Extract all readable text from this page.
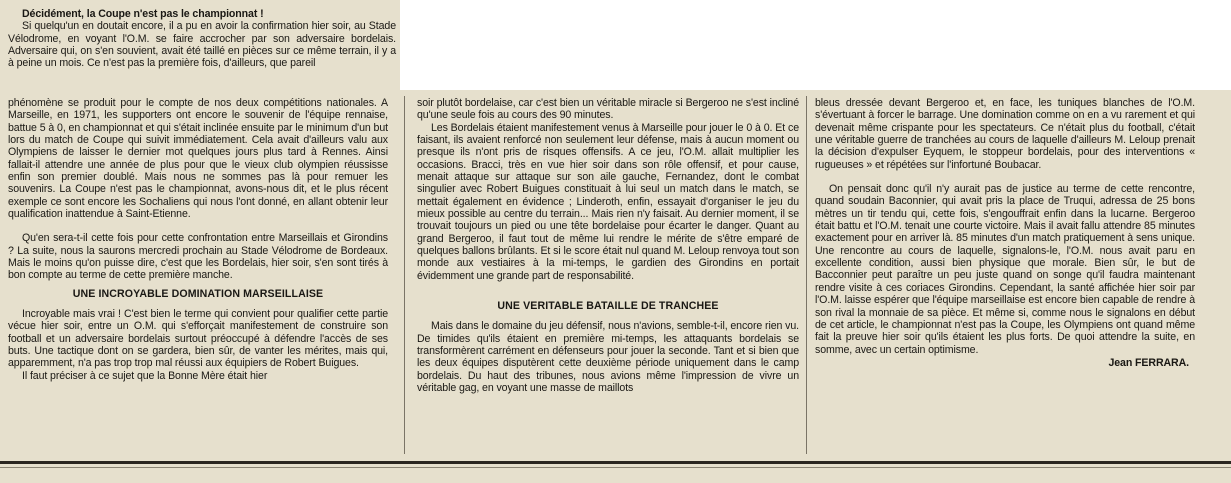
Décidément, la Coupe n'est pas le championnat !

Si quelqu'un en doutait encore, il a pu en avoir la confirmation hier soir, au Stade Vélodrome, en voyant l'O.M. se faire accrocher par son adversaire bordelais. Adversaire qui, on s'en souvient, avait été taillé en pièces sur ce même terrain, il y a à peine un mois. Ce n'est pas la première fois, d'ailleurs, que pareil

phénomène se produit pour le compte de nos deux compétitions nationales. A Marseille, en 1971, les supporters ont encore le souvenir de l'équipe rennaise, battue 5 à 0, en championnat et qui s'était inclinée ensuite par le minimum d'un but lors du match de Coupe qui suivit immédiatement. Cela avait d'ailleurs valu aux Olympiens de laisser le dernier mot quelques jours plus tard à Rennes. Ainsi fallait-il attendre une année de plus pour que le vieux club olympien réussisse enfin son premier doublé. Mais nous ne sommes pas là pour remuer les souvenirs. La Coupe n'est pas le championnat, avons-nous dit, et le plus récent exemple ce sont encore les Sochaliens qui nous l'ont donné, en allant obtenir leur qualification inattendue à Saint-Etienne.

Qu'en sera-t-il cette fois pour cette confrontation entre Marseillais et Girondins ? La suite, nous la saurons mercredi prochain au Stade Vélodrome de Bordeaux. Mais le moins qu'on puisse dire, c'est que les Bordelais, hier soir, s'en sont tirés à bon compte au terme de cette première manche.

UNE INCROYABLE DOMINATION MARSEILLAISE

Incroyable mais vrai ! C'est bien le terme qui convient pour qualifier cette partie vécue hier soir, entre un O.M. qui s'efforçait manifestement de construire son football et un adversaire bordelais surtout préoccupé à défendre l'accès de ses buts. Une tactique dont on se gardera, bien sûr, de vanter les mérites, mais qui, apparemment, n'a pas trop trop mal réussi aux équipiers de Robert Buigues.

Il faut préciser à ce sujet que la Bonne Mère était hier

soir plutôt bordelaise, car c'est bien un véritable miracle si Bergeroo ne s'est incliné qu'une seule fois au cours des 90 minutes.

Les Bordelais étaient manifestement venus à Marseille pour jouer le 0 à 0. Et ce faisant, ils avaient renforcé non seulement leur défense, mais à aucun moment ou presque ils n'ont pris de risques offensifs. A ce jeu, l'O.M. allait multiplier les occasions. Bracci, très en vue hier soir dans son rôle offensif, et pour cause, menait attaque sur attaque sur son aile gauche, Fernandez, dont le combat singulier avec Robert Buigues constituait à lui seul un match dans le match, se mettait également en évidence ; Linderoth, enfin, essayait d'organiser le jeu du mieux possible au centre du terrain... Mais rien n'y faisait. Au dernier moment, il se trouvait toujours un pied ou une tête bordelaise pour écarter le danger. Quant au grand Bergeroo, il faut tout de même lui rendre le mérite de s'être emparé de quelques ballons brûlants. Et si le score était nul quand M. Leloup renvoya tout son monde aux vestiaires à la mi-temps, le gardien des Girondins en portait évidemment une grande part de responsabilité.

UNE VERITABLE BATAILLE DE TRANCHEE

Mais dans le domaine du jeu défensif, nous n'avions, semble-t-il, encore rien vu. De timides qu'ils étaient en première mi-temps, les attaquants bordelais se transformèrent carrément en défenseurs pour jouer la seconde. Tant et si bien que les deux équipes disputèrent cette deuxième période uniquement dans le camp bordelais. Du haut des tribunes, nous avions même l'impression de vivre un véritable gag, en voyant une masse de maillots

bleus dressée devant Bergeroo et, en face, les tuniques blanches de l'O.M. s'évertuant à forcer le barrage. Une domination comme on en a vu rarement et qui devenait même crispante pour les spectateurs. Ce n'était plus du football, c'était une véritable guerre de tranchées au cours de laquelle d'ailleurs M. Leloup prenait la décision d'expulser Eyquem, le stoppeur bordelais, pour des interventions « rugueuses » et répétées sur l'infortuné Boubacar.

On pensait donc qu'il n'y aurait pas de justice au terme de cette rencontre, quand soudain Baconnier, qui avait pris la place de Truqui, adressa de 25 bons mètres un tir tendu qui, cette fois, s'engouffrait enfin dans la lucarne. Bergeroo était battu et l'O.M. tenait une courte victoire. Mais il avait fallu attendre 85 minutes exactement pour en arriver là. 85 minutes d'un match pratiquement à sens unique. Une rencontre au cours de laquelle, signalons-le, l'O.M. nous avait paru en excellente condition, aussi bien physique que morale. Bien sûr, le but de Bacconnier peut paraître un peu juste quand on songe qu'il faudra maintenant rendre visite à ces coriaces Girondins. Cependant, la santé affichée hier soir par l'O.M. laisse espérer que l'équipe marseillaise est encore bien capable de rendre à son rival la monnaie de sa pièce. Et même si, comme nous le signalons en début de cet article, le championnat n'est pas la Coupe, les Olympiens ont quand même fait la preuve hier soir qu'ils étaient les plus forts. De quoi attendre la suite, en somme, avec un certain optimisme.

Jean FERRARA.
